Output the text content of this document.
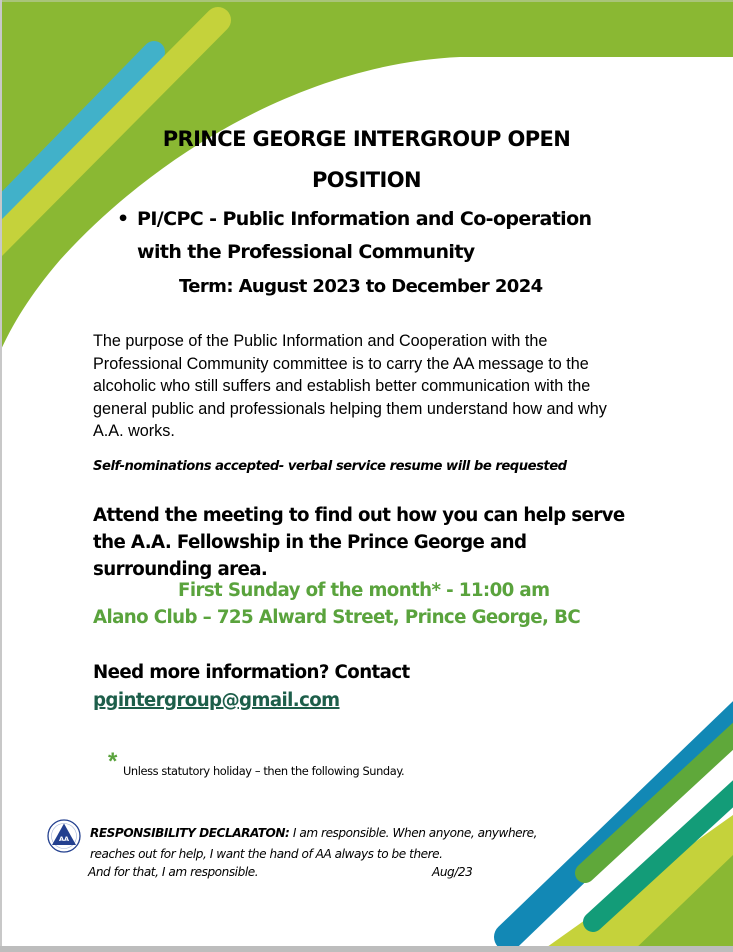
PRINCE GEORGE INTERGROUP OPEN
POSITION
• PI/CPC - Public Information and Co-operation
with the Professional Community
Term: August 2023 to December 2024
The purpose of the Public Information and Cooperation with the Professional Community committee is to carry the AA message to the alcoholic who still suffers and establish better communication with the general public and professionals helping them understand how and why A.A. works.
Self-nominations accepted- verbal service resume will be requested
Attend the meeting to find out how you can help serve the A.A. Fellowship in the Prince George and surrounding area.
First Sunday of the month* - 11:00 am
Alano Club – 725 Alward Street, Prince George, BC
Need more information? Contact
pgintergroup@gmail.com
* Unless statutory holiday – then the following Sunday.
AA RESPONSIBILITY DECLARATON: I am responsible. When anyone, anywhere,
reaches out for help, I want the hand of AA always to be there.
And for that, I am responsible.	Aug/23
